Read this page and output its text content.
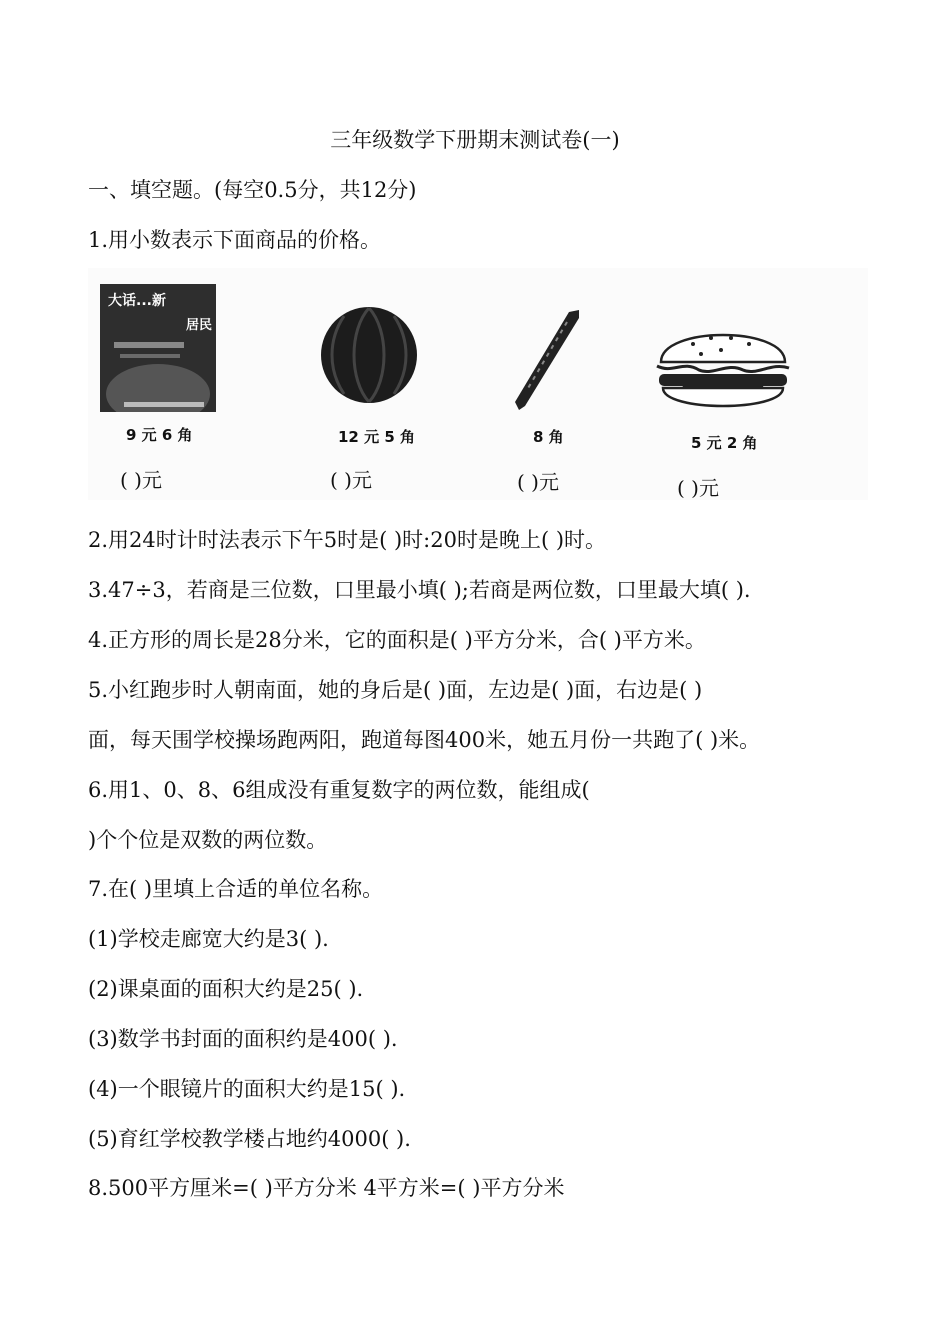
三年级数学下册期末测试卷(一)
一、填空题。(每空0.5分，共12分)
1.用小数表示下面商品的价格。
大话...新
居民
9 元 6 角
( )元
12 元 5 角
( )元
8 角
( )元
5 元 2 角
( )元
2.用24时计时法表示下午5时是( )时:20时是晚上( )时。
3.47÷3，若商是三位数，口里最小填( );若商是两位数，口里最大填( ).
4.正方形的周长是28分米，它的面积是( )平方分米，合( )平方米。
5.小红跑步时人朝南面，她的身后是( )面，左边是( )面，右边是( )
面，每天围学校操场跑两阳，跑道每图400米，她五月份一共跑了( )米。
6.用1、0、8、6组成没有重复数字的两位数，能组成(
)个个位是双数的两位数。
7.在( )里填上合适的单位名称。
(1)学校走廊宽大约是3( ).
(2)课桌面的面积大约是25( ).
(3)数学书封面的面积约是400( ).
(4)一个眼镜片的面积大约是15( ).
(5)育红学校教学楼占地约4000( ).
8.500平方厘米=( )平方分米 4平方米=( )平方分米
